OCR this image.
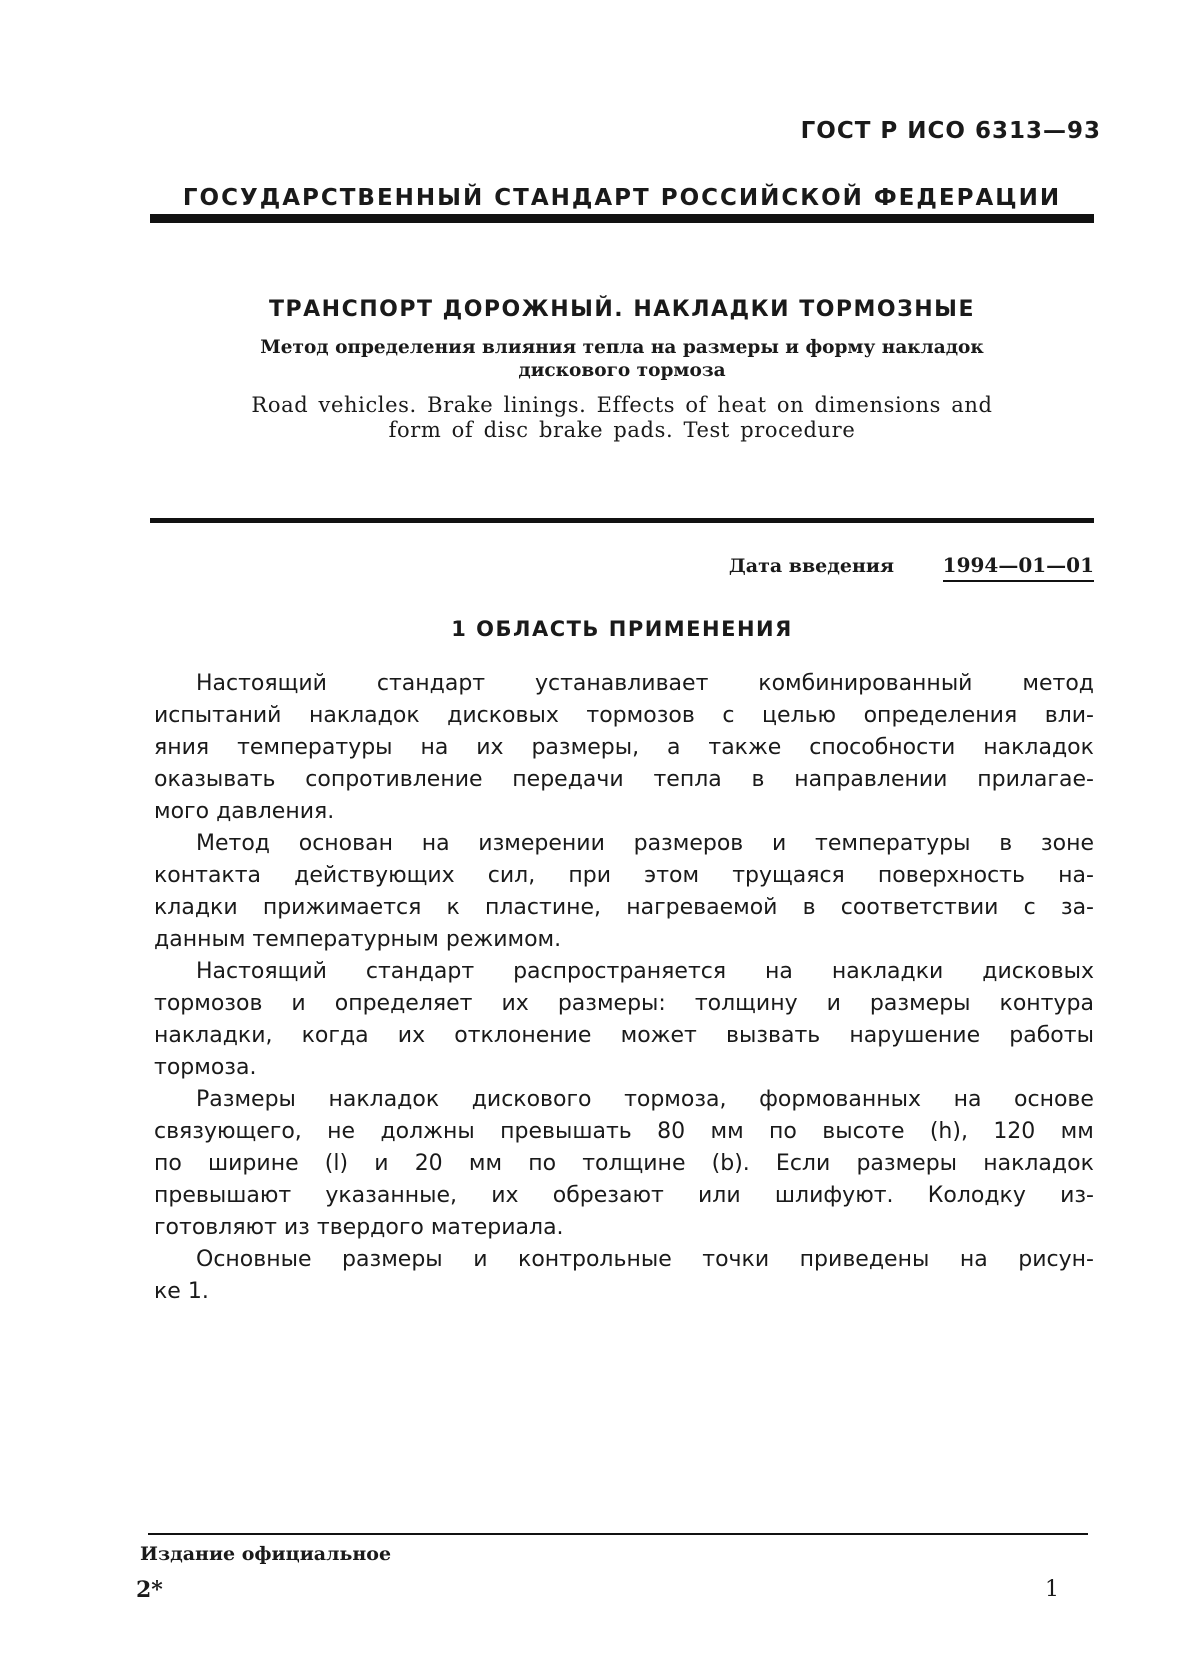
ГОСТ Р ИСО 6313—93
ГОСУДАРСТВЕННЫЙ СТАНДАРТ РОССИЙСКОЙ ФЕДЕРАЦИИ
ТРАНСПОРТ ДОРОЖНЫЙ. НАКЛАДКИ ТОРМОЗНЫЕ
Метод определения влияния тепла на размеры и форму накладок
дискового тормоза
Road vehicles. Brake linings. Effects of heat on dimensions and
form of disc brake pads. Test procedure
Дата введения 1994—01—01
1 ОБЛАСТЬ ПРИМЕНЕНИЯ
Настоящий стандарт устанавливает комбинированный метод
испытаний накладок дисковых тормозов с целью определения вли-
яния температуры на их размеры, а также способности накладок
оказывать сопротивление передачи тепла в направлении прилагае-
мого давления.
Метод основан на измерении размеров и температуры в зоне
контакта действующих сил, при этом трущаяся поверхность на-
кладки прижимается к пластине, нагреваемой в соответствии с за-
данным температурным режимом.
Настоящий стандарт распространяется на накладки дисковых
тормозов и определяет их размеры: толщину и размеры контура
накладки, когда их отклонение может вызвать нарушение работы
тормоза.
Размеры накладок дискового тормоза, формованных на основе
связующего, не должны превышать 80 мм по высоте (h), 120 мм
по ширине (l) и 20 мм по толщине (b). Если размеры накладок
превышают указанные, их обрезают или шлифуют. Колодку из-
готовляют из твердого материала.
Основные размеры и контрольные точки приведены на рисун-
ке 1.
Издание официальное
2*	1
